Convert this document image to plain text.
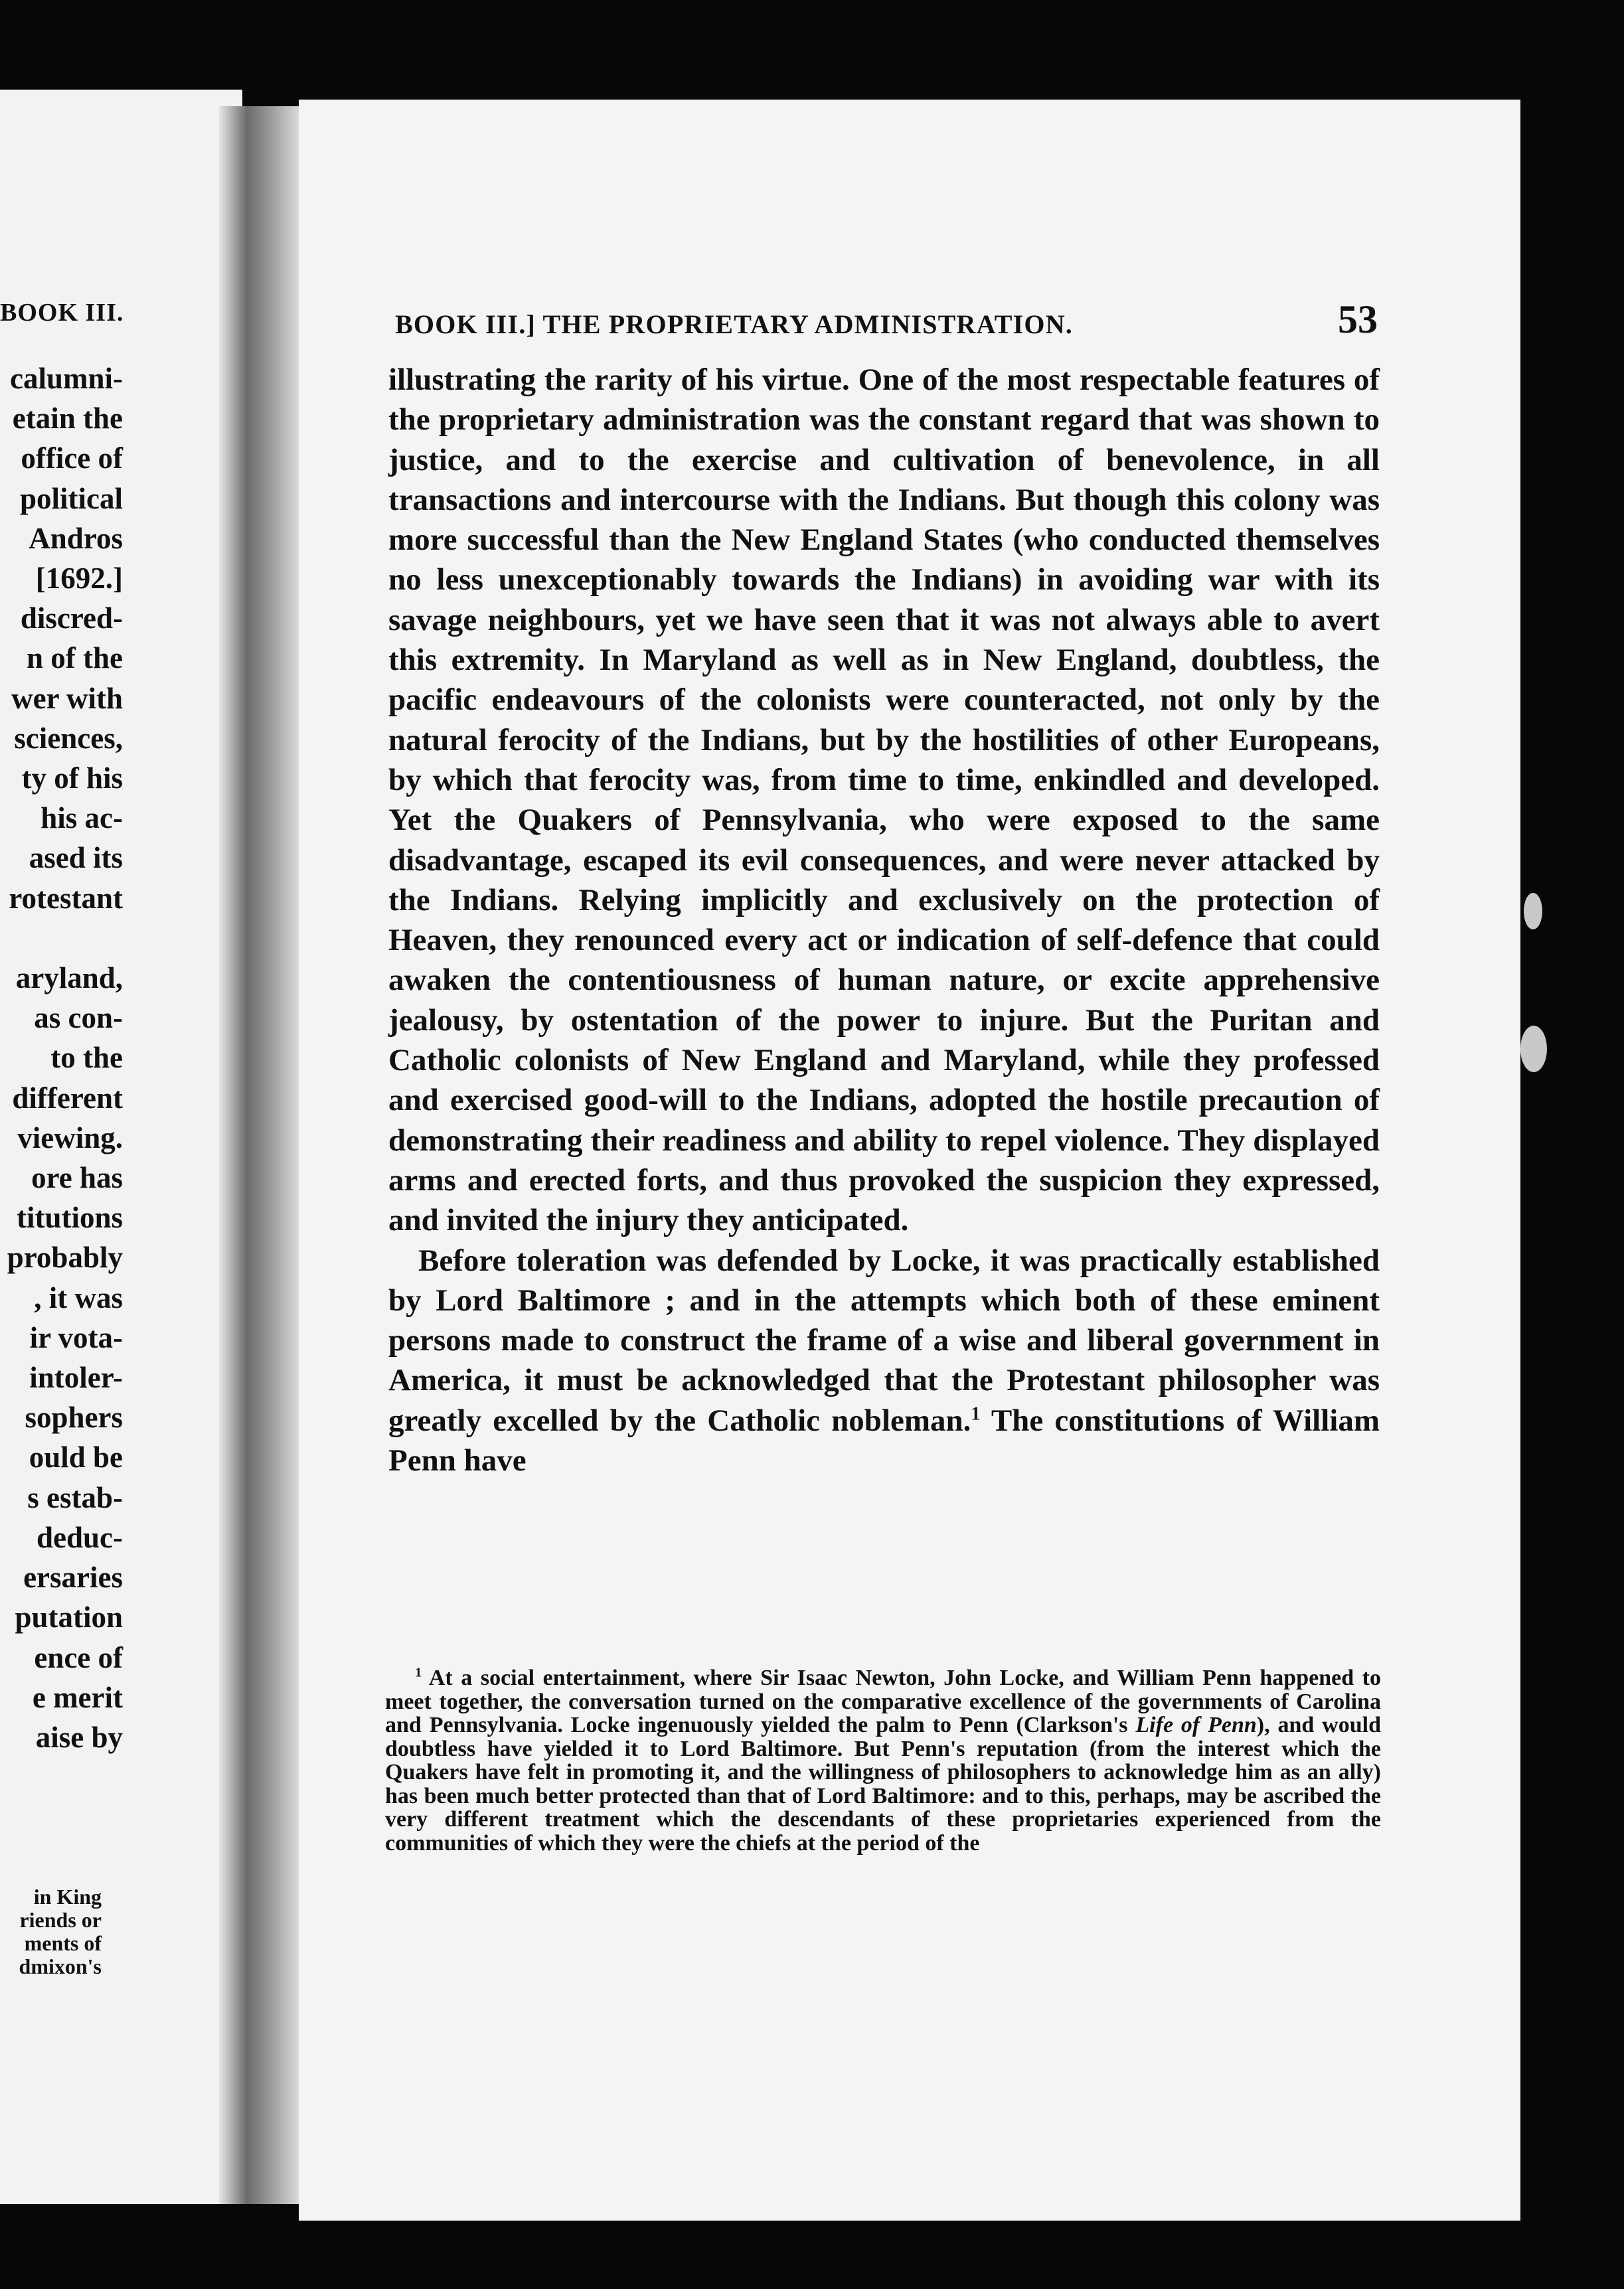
BOOK III.
calumni-
etain the
office of
political
Andros
[1692.]
discred-
n of the
wer with
sciences,
ty of his
his ac-
ased its
rotestant

aryland,
as con-
to the
different
viewing.
ore has
titutions
probably
, it was
ir vota-
intoler-
sophers
ould be
s estab-
deduc-
ersaries
putation
ence of
e merit
aise by
in King
riends or
ments of
dmixon's
BOOK III.] THE PROPRIETARY ADMINISTRATION.	53

illustrating the rarity of his virtue. One of the most respectable features of the proprietary administration was the constant regard that was shown to justice, and to the exercise and cultivation of benevolence, in all transactions and intercourse with the Indians. But though this colony was more successful than the New England States (who conducted themselves no less unexceptionably towards the Indians) in avoiding war with its savage neighbours, yet we have seen that it was not always able to avert this extremity. In Maryland as well as in New England, doubtless, the pacific endeavours of the colonists were counteracted, not only by the natural ferocity of the Indians, but by the hostilities of other Europeans, by which that ferocity was, from time to time, enkindled and developed. Yet the Quakers of Pennsylvania, who were exposed to the same disadvantage, escaped its evil consequences, and were never attacked by the Indians. Relying implicitly and exclusively on the protection of Heaven, they renounced every act or indication of self-defence that could awaken the contentiousness of human nature, or excite apprehensive jealousy, by ostentation of the power to injure. But the Puritan and Catholic colonists of New England and Maryland, while they professed and exercised good-will to the Indians, adopted the hostile precaution of demonstrating their readiness and ability to repel violence. They displayed arms and erected forts, and thus provoked the suspicion they expressed, and invited the injury they anticipated.

Before toleration was defended by Locke, it was practically established by Lord Baltimore ; and in the attempts which both of these eminent persons made to construct the frame of a wise and liberal government in America, it must be acknowledged that the Protestant philosopher was greatly excelled by the Catholic nobleman.$^1$ The constitutions of William Penn have

$^1$ At a social entertainment, where Sir Isaac Newton, John Locke, and William Penn happened to meet together, the conversation turned on the comparative excellence of the governments of Carolina and Pennsylvania. Locke ingenuously yielded the palm to Penn (Clarkson's Life of Penn), and would doubtless have yielded it to Lord Baltimore. But Penn's reputation (from the interest which the Quakers have felt in promoting it, and the willingness of philosophers to acknowledge him as an ally) has been much better protected than that of Lord Baltimore: and to this, perhaps, may be ascribed the very different treatment which the descendants of these proprietaries experienced from the communities of which they were the chiefs at the period of the
